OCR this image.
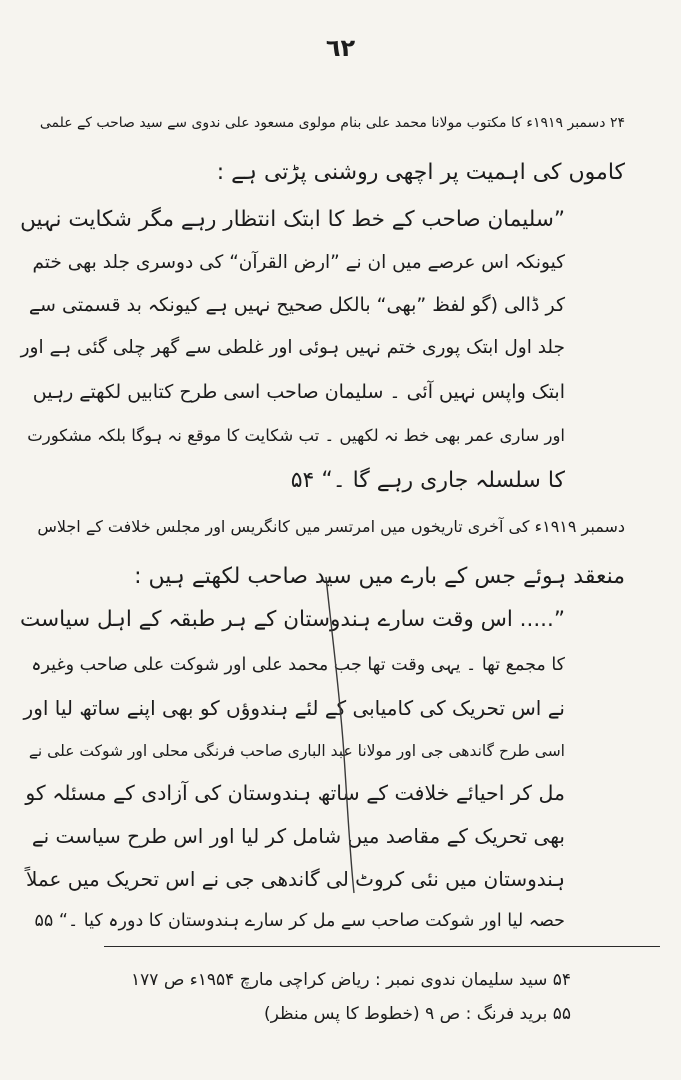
٦٢
۲۴ دسمبر ۱۹۱۹ء کا مکتوب مولانا محمد علی بنام مولوی مسعود علی ندوی سے سید صاحب کے علمی
کاموں کی اہمیت پر اچھی روشنی پڑتی ہے :
”سلیمان صاحب کے خط کا ابتک انتظار رہے مگر شکایت نہیں
کیونکہ اس عرصے میں ان نے ”ارض القرآن“ کی دوسری جلد بھی ختم
کر ڈالی (گو لفظ ”بھی“ بالکل صحیح نہیں ہے کیونکہ بد قسمتی سے
جلد اول ابتک پوری ختم نہیں ہوئی اور غلطی سے گھر چلی گئی ہے اور
ابتک واپس نہیں آئی ۔ سلیمان صاحب اسی طرح کتابیں لکھتے رہیں
اور ساری عمر بھی خط نہ لکھیں ۔ تب شکایت کا موقع نہ ہوگا بلکہ مشکورت
کا سلسلہ جاری رہے گا ۔“ ۵۴
دسمبر ۱۹۱۹ء کی آخری تاریخوں میں امرتسر میں کانگریس اور مجلس خلافت کے اجلاس
منعقد ہوئے جس کے بارے میں سید صاحب لکھتے ہیں :
”..... اس وقت سارے ہندوستان کے ہر طبقہ کے اہل سیاست
کا مجمع تھا ۔ یہی وقت تھا جب محمد علی اور شوکت علی صاحب وغیرہ
نے اس تحریک کی کامیابی کے لئے ہندوؤں کو بھی اپنے ساتھ لیا اور
اسی طرح گاندھی جی اور مولانا عبد الباری صاحب فرنگی محلی اور شوکت علی نے
مل کر احیائے خلافت کے ساتھ ہندوستان کی آزادی کے مسئلہ کو
بھی تحریک کے مقاصد میں شامل کر لیا اور اس طرح سیاست نے
ہندوستان میں نئی کروٹ لی گاندھی جی نے اس تحریک میں عملاً
حصہ لیا اور شوکت صاحب سے مل کر سارے ہندوستان کا دورہ کیا ۔“ ۵۵
۵۴ سید سلیمان ندوی نمبر : ریاض کراچی مارچ ۱۹۵۴ء ص ۱۷۷
۵۵ برید فرنگ : ص ۹ (خطوط کا پس منظر)
